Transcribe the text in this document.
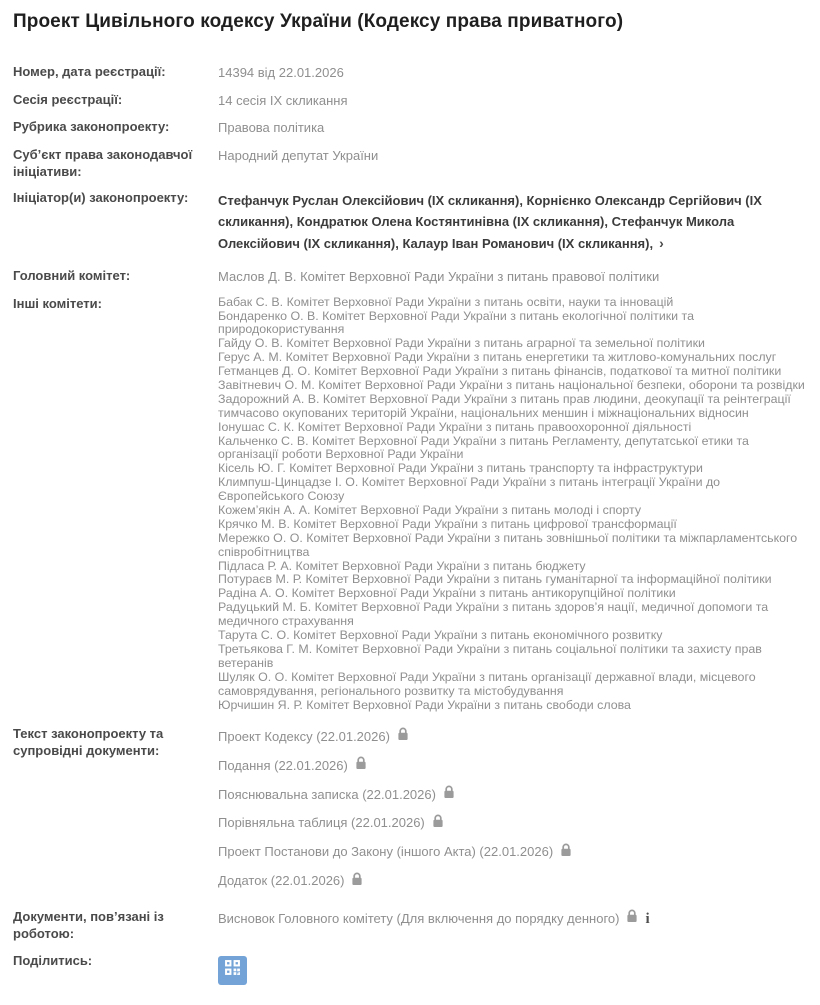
Проект Цивільного кодексу України (Кодексу права приватного)
Номер, дата реєстрації:	14394 від 22.01.2026
Сесія реєстрації:	14 сесія IX скликання
Рубрика законопроекту:	Правова політика
Суб’єкт права законодавчої ініціативи:
Народний депутат України
Ініціатор(и) законопроекту:	Стефанчук Руслан Олексійович (IX скликання), Корнієнко Олександр Сергійович (IX скликання), Кондратюк Олена Костянтинівна (IX скликання), Стефанчук Микола Олексійович (IX скликання), Калаур Іван Романович (IX скликання), ›
Головний комітет:	Маслов Д. В. Комітет Верховної Ради України з питань правової політики
Інші комітети:	Бабак С. В. Комітет Верховної Ради України з питань освіти, науки та інновацій
Бондаренко О. В. Комітет Верховної Ради України з питань екологічної політики та природокористування
Гайду О. В. Комітет Верховної Ради України з питань аграрної та земельної політики
Герус А. М. Комітет Верховної Ради України з питань енергетики та житлово-комунальних послуг
Гетманцев Д. О. Комітет Верховної Ради України з питань фінансів, податкової та митної політики
Завітневич О. М. Комітет Верховної Ради України з питань національної безпеки, оборони та розвідки
Задорожний А. В. Комітет Верховної Ради України з питань прав людини, деокупації та реінтеграції тимчасово окупованих територій України, національних меншин і міжнаціональних відносин
Іонушас С. К. Комітет Верховної Ради України з питань правоохоронної діяльності
Кальченко С. В. Комітет Верховної Ради України з питань Регламенту, депутатської етики та організації роботи Верховної Ради України
Кісель Ю. Г. Комітет Верховної Ради України з питань транспорту та інфраструктури
Климпуш-Цинцадзе І. О. Комітет Верховної Ради України з питань інтеграції України до Європейського Союзу
Кожем’якін А. А. Комітет Верховної Ради України з питань молоді і спорту
Крячко М. В. Комітет Верховної Ради України з питань цифрової трансформації
Мережко О. О. Комітет Верховної Ради України з питань зовнішньої політики та міжпарламентського співробітництва
Підласа Р. А. Комітет Верховної Ради України з питань бюджету
Потураєв М. Р. Комітет Верховної Ради України з питань гуманітарної та інформаційної політики
Радіна А. О. Комітет Верховної Ради України з питань антикорупційної політики
Радуцький М. Б. Комітет Верховної Ради України з питань здоров’я нації, медичної допомоги та медичного страхування
Тарута С. О. Комітет Верховної Ради України з питань економічного розвитку
Третьякова Г. М. Комітет Верховної Ради України з питань соціальної політики та захисту прав ветеранів
Шуляк О. О. Комітет Верховної Ради України з питань організації державної влади, місцевого самоврядування, регіонального розвитку та містобудування
Юрчишин Я. Р. Комітет Верховної Ради України з питань свободи слова
Текст законопроекту та супровідні документи:
Проект Кодексу (22.01.2026)
Подання (22.01.2026)
Пояснювальна записка (22.01.2026)
Порівняльна таблиця (22.01.2026)
Проект Постанови до Закону (іншого Акта) (22.01.2026)
Додаток (22.01.2026)
Документи, пов’язані із роботою:
Висновок Головного комітету (Для включення до порядку денного) i
Поділитись:
